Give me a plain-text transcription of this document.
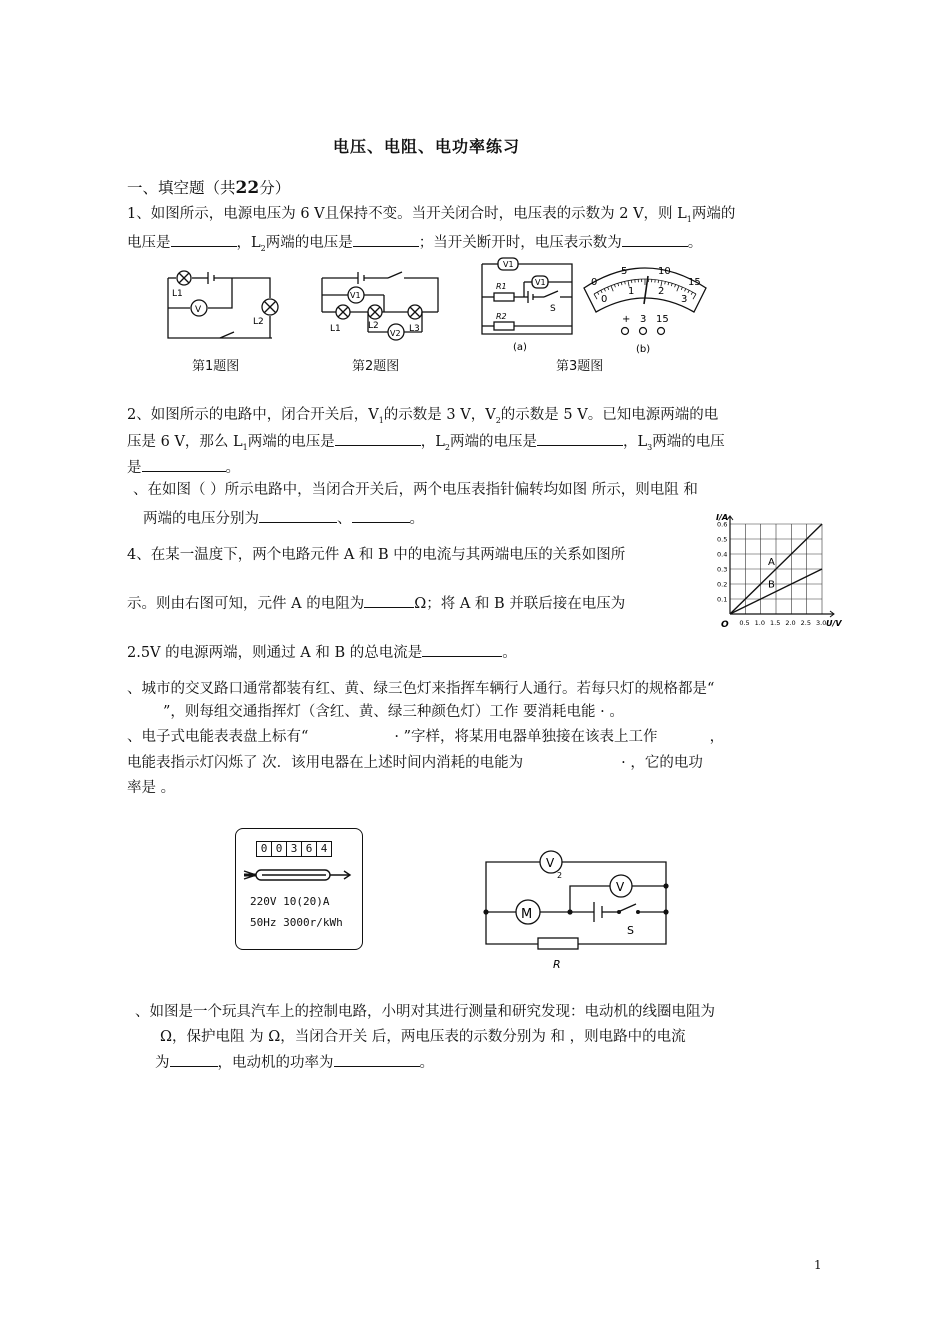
电压、电阻、电功率练习
一、填空题（共22分）
1、如图所示，电源电压为 6 V且保持不变。当开关闭合时，电压表的示数为 2 V，则 $L_1$两端的
电压是	，$L_2$两端的电压是	；当开关断开时，电压表示数为	。
L1
V
L2
第1题图
V1
L1	L2
V2 L3
第2题图
V1
V1
R1
S
R2
(a)
0
5	10
15
0
1 2
3
+ 3 15
(b)
第3题图
2、如图所示的电路中，闭合开关后，$V_1$的示数是 3 V，$V_2$的示数是 5 V。已知电源两端的电
压是 6 V，那么 $L_1$两端的电压是	，$L_2$两端的电压是	，$L_3$两端的电压
是	。
、在如图（ ）所示电路中，当闭合开关后，两个电压表指针偏转均如图 所示，则电阻 和
两端的电压分别为	、	。
4、在某一温度下，两个电路元件 A 和 B 中的电流与其两端电压的关系如图所
示。则由右图可知，元件 A 的电阻为	Ω；将 A 和 B 并联后接在电压为
2.5V 的电源两端，则通过 A 和 B 的总电流是	。
0.5 1.0 1.5 2.0 2.5 3.0
0.1
0.2
0.3
0.4
0.5
0.6
A
B
I/A
U/V
O
、城市的交叉路口通常都装有红、黄、绿三色灯来指挥车辆行人通行。若每只灯的规格都是“
”，则每组交通指挥灯（含红、黄、绿三种颜色灯）工作 要消耗电能 · 。
、电子式电能表表盘上标有“	· ”字样，将某用电器单独接在该表上工作	，
电能表指示灯闪烁了 次．该用电器在上述时间内消耗的电能为	· ，它的电功
率是 。
0 0 3 6 4
220V 10(20)A
50Hz 3000r/kWh
V
2
V
M
S
R
、如图是一个玩具汽车上的控制电路，小明对其进行测量和研究发现：电动机的线圈电阻为
Ω，保护电阻 为 Ω，当闭合开关 后，两电压表的示数分别为 和 ，则电路中的电流
为	，电动机的功率为	。
1
